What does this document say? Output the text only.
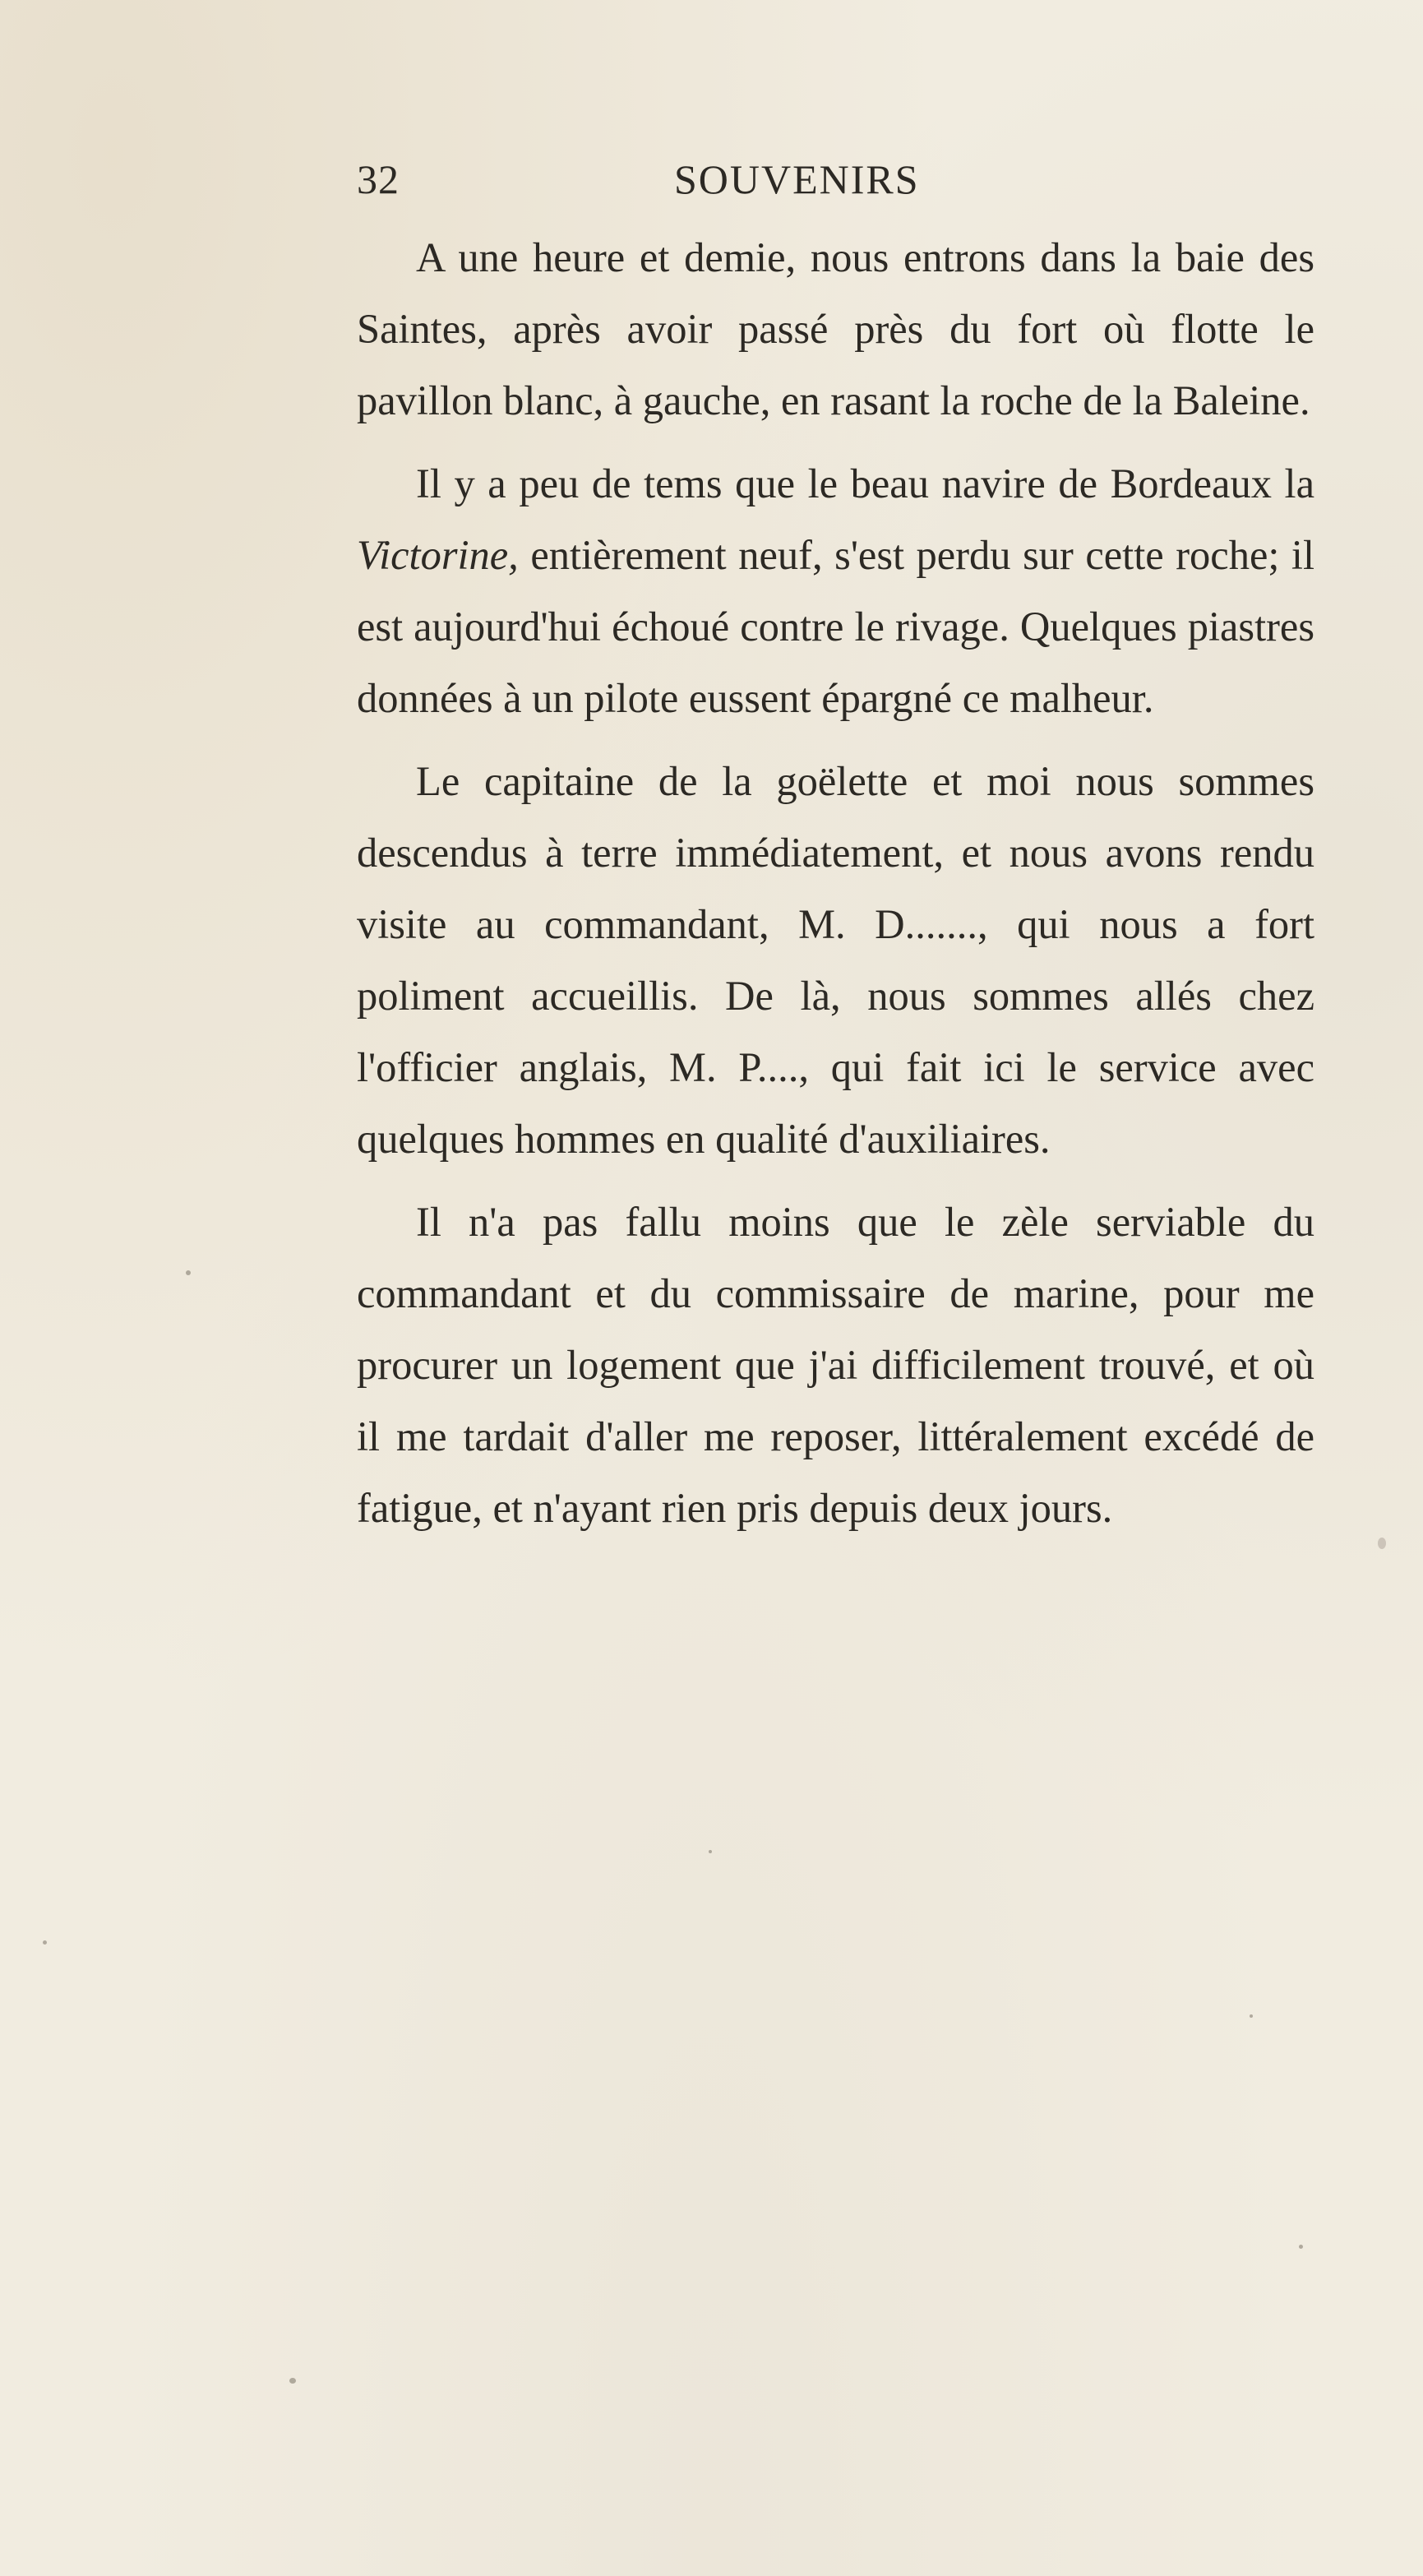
32	SOUVENIRS

A une heure et demie, nous entrons dans la baie des Saintes, après avoir passé près du fort où flotte le pavillon blanc, à gauche, en rasant la roche de la Baleine.

Il y a peu de tems que le beau navire de Bordeaux la Victorine, entièrement neuf, s'est perdu sur cette roche; il est aujourd'hui échoué contre le rivage. Quelques piastres données à un pilote eussent épargné ce malheur.

Le capitaine de la goëlette et moi nous sommes descendus à terre immédiatement, et nous avons rendu visite au commandant, M. D......., qui nous a fort poliment accueillis. De là, nous sommes allés chez l'officier anglais, M. P...., qui fait ici le service avec quelques hommes en qualité d'auxiliaires.

Il n'a pas fallu moins que le zèle serviable du commandant et du commissaire de marine, pour me procurer un logement que j'ai difficilement trouvé, et où il me tardait d'aller me reposer, littéralement excédé de fatigue, et n'ayant rien pris depuis deux jours.
